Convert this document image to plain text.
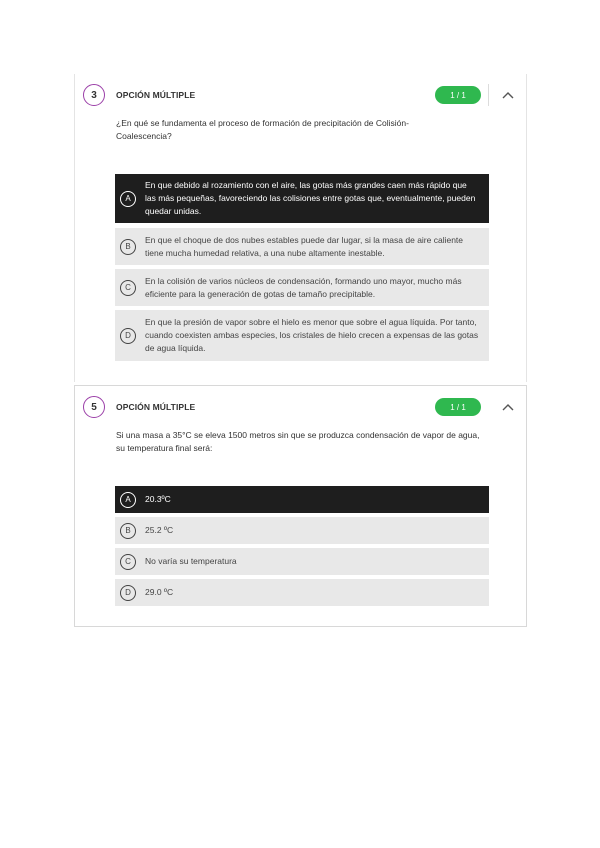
3	OPCIÓN MÚLTIPLE	1 / 1
¿En qué se fundamenta el proceso de formación de precipitación de Colisión-Coalescencia?
A
En que debido al rozamiento con el aire, las gotas más grandes caen más rápido que las más pequeñas, favoreciendo las colisiones entre gotas que, eventualmente, pueden quedar unidas.
B
En que el choque de dos nubes estables puede dar lugar, si la masa de aire caliente tiene mucha humedad relativa, a una nube altamente inestable.
C
En la colisión de varios núcleos de condensación, formando uno mayor, mucho más eficiente para la generación de gotas de tamaño precipitable.
D
En que la presión de vapor sobre el hielo es menor que sobre el agua líquida. Por tanto, cuando coexisten ambas especies, los cristales de hielo crecen a expensas de las gotas de agua líquida.
5	OPCIÓN MÚLTIPLE	1 / 1
Si una masa a 35°C se eleva 1500 metros sin que se produzca condensación de vapor de agua, su temperatura final será:
A	20.3ºC
B	25.2 ºC
C	No varía su temperatura
D	29.0 ºC
